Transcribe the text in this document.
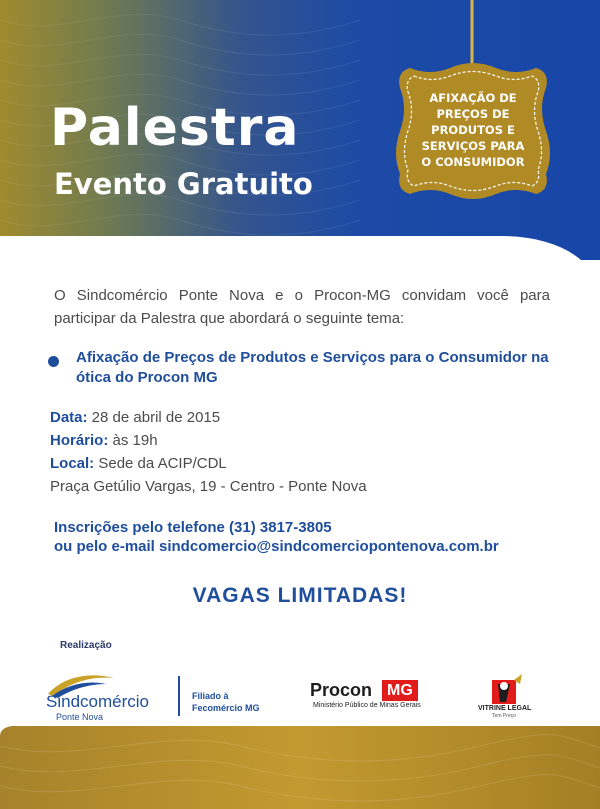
Palestra
Evento Gratuito
AFIXAÇÃO DE
PREÇOS DE
PRODUTOS E
SERVIÇOS PARA
O CONSUMIDOR
O Sindcomércio Ponte Nova e o Procon-MG convidam você para participar da Palestra que abordará o seguinte tema:
Afixação de Preços de Produtos e Serviços para o Consumidor na ótica do Procon MG
Data: 28 de abril de 2015
Horário: às 19h
Local: Sede da ACIP/CDL
Praça Getúlio Vargas, 19 - Centro - Ponte Nova
Inscrições pelo telefone (31) 3817-3805
ou pelo e-mail sindcomercio@sindcomerciopontenova.com.br
VAGAS LIMITADAS!
Realização
Sindcomércio
Ponte Nova
Filiado à
Fecomércio MG
Procon MG
Ministério Público de Minas Gerais	VITRINE LEGAL
Tem Preço
